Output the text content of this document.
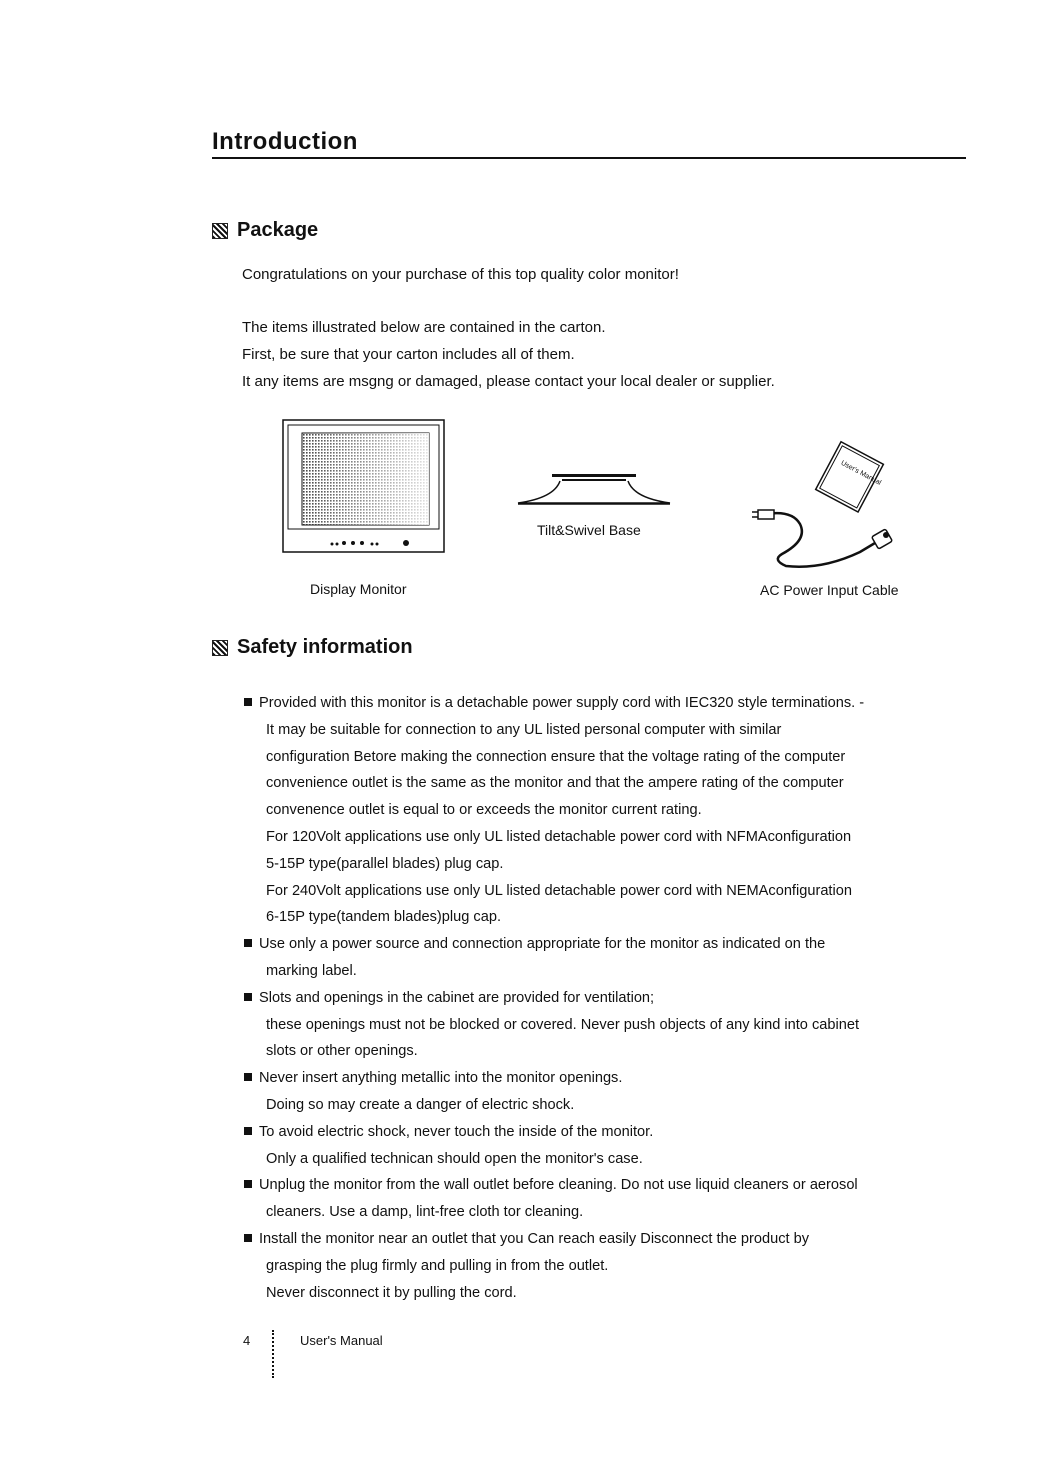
Introduction
Package

Congratulations on your purchase of this top quality color monitor!

The items illustrated below are contained in the carton.

First, be sure that your carton includes all of them.

It any items are msgng or damaged, please contact your local dealer or supplier.

Display Monitor

Tilt&Swivel Base

User's Manual

AC Power Input Cable

Safety information
Provided with this monitor is a detachable power supply cord with IEC320 style terminations. -
It may be suitable for connection to any UL listed personal computer with similar
configuration Betore making the connection ensure that the voltage rating of the computer
convenience outlet is the same as the monitor and that the ampere rating of the computer
convenence outlet is equal to or exceeds the monitor current rating.
For 120Volt applications use only UL listed detachable power cord with NFMAconfiguration
5-15P type(parallel blades) plug cap.
For 240Volt applications use only UL listed detachable power cord with NEMAconfiguration
6-15P type(tandem blades)plug cap.
Use only a power source and connection appropriate for the monitor as indicated on the
marking label.
Slots and openings in the cabinet are provided for ventilation;
these openings must not be blocked or covered. Never push objects of any kind into cabinet
slots or other openings.
Never insert anything metallic into the monitor openings.
Doing so may create a danger of electric shock.
To avoid electric shock, never touch the inside of the monitor.
Only a qualified technican should open the monitor's case.
Unplug the monitor from the wall outlet before cleaning. Do not use liquid cleaners or aerosol
cleaners. Use a damp, lint-free cloth tor cleaning.
Install the monitor near an outlet that you Can reach easily Disconnect the product by
grasping the plug firmly and pulling in from the outlet.
Never disconnect it by pulling the cord.

4	User's Manual
